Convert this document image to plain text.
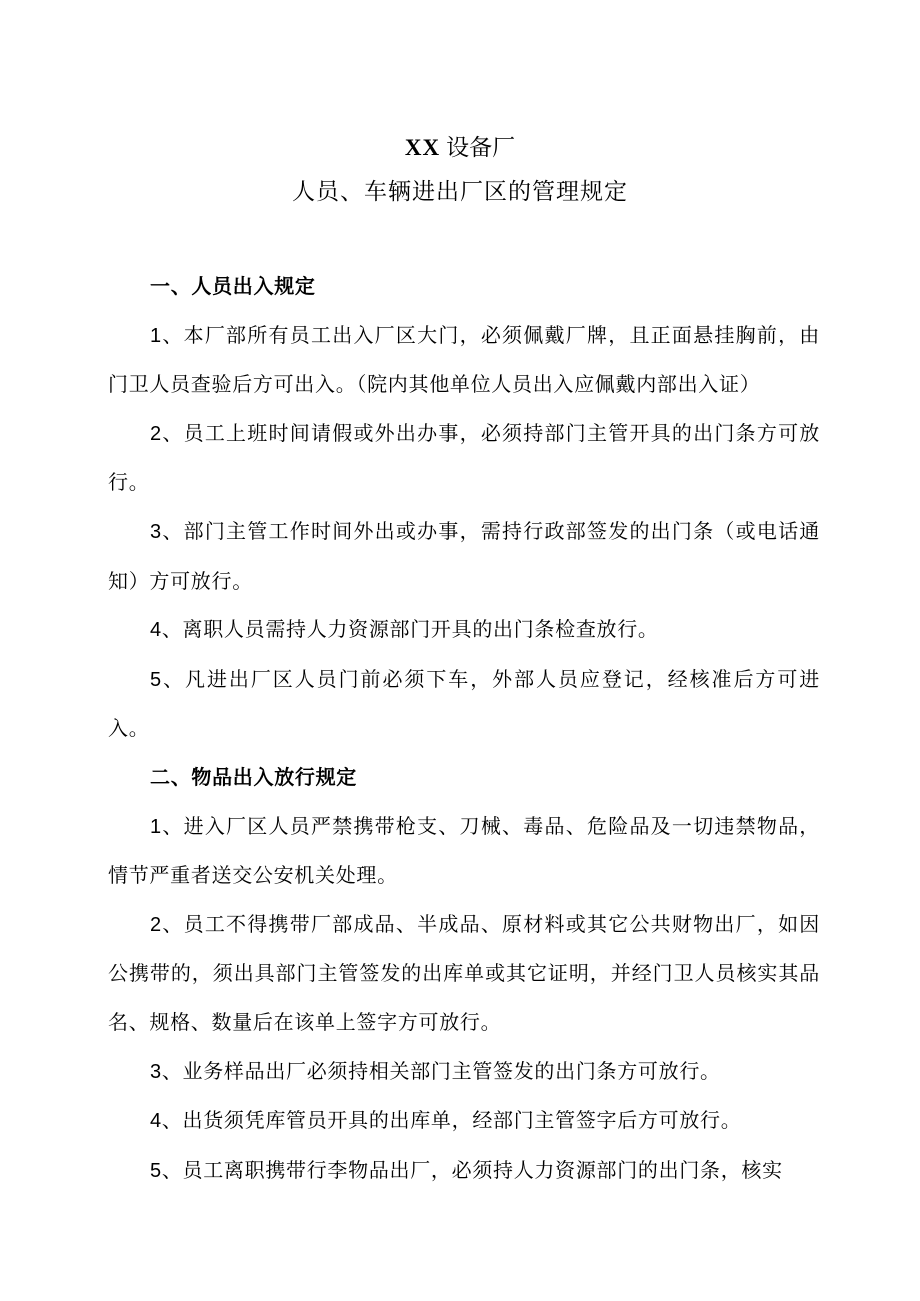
XX 设备厂
人员、车辆进出厂区的管理规定
一、人员出入规定

1、本厂部所有员工出入厂区大门，必须佩戴厂牌，且正面悬挂胸前，由门卫人员查验后方可出入。（院内其他单位人员出入应佩戴内部出入证）

2、员工上班时间请假或外出办事，必须持部门主管开具的出门条方可放行。

3、部门主管工作时间外出或办事，需持行政部签发的出门条（或电话通知）方可放行。

4、离职人员需持人力资源部门开具的出门条检查放行。

5、凡进出厂区人员门前必须下车，外部人员应登记，经核准后方可进入。

二、物品出入放行规定

1、进入厂区人员严禁携带枪支、刀械、毒品、危险品及一切违禁物品，情节严重者送交公安机关处理。

2、员工不得携带厂部成品、半成品、原材料或其它公共财物出厂，如因公携带的，须出具部门主管签发的出库单或其它证明，并经门卫人员核实其品名、规格、数量后在该单上签字方可放行。

3、业务样品出厂必须持相关部门主管签发的出门条方可放行。

4、出货须凭库管员开具的出库单，经部门主管签字后方可放行。

5、员工离职携带行李物品出厂，必须持人力资源部门的出门条，核实
